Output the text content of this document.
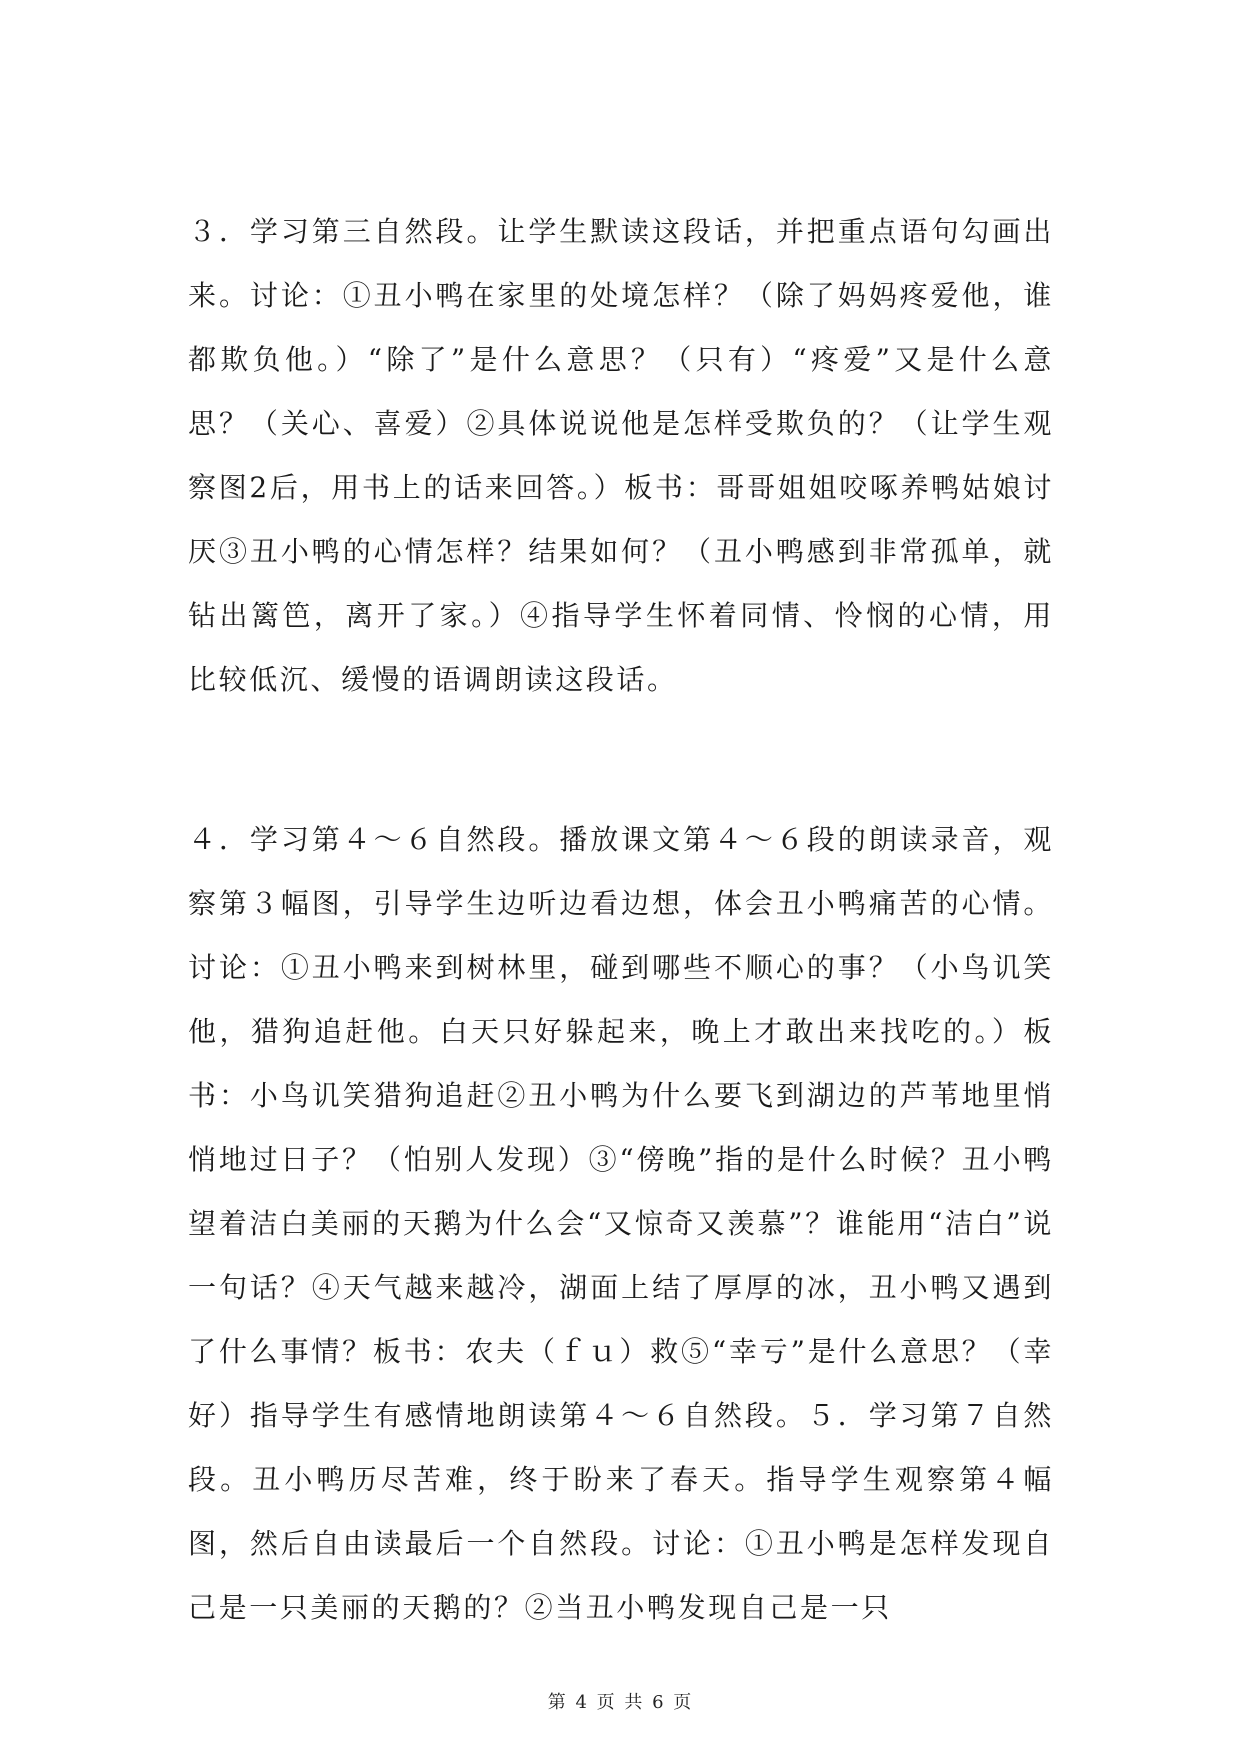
３．学习第三自然段。让学生默读这段话，并把重点语句勾画出来。讨论：①丑小鸭在家里的处境怎样？（除了妈妈疼爱他，谁都欺负他。）“除了”是什么意思？（只有）“疼爱”又是什么意思？（关心、喜爱）②具体说说他是怎样受欺负的？（让学生观察图2后，用书上的话来回答。）板书：哥哥姐姐咬啄养鸭姑娘讨厌③丑小鸭的心情怎样？结果如何？（丑小鸭感到非常孤单，就钻出篱笆，离开了家。）④指导学生怀着同情、怜悯的心情，用比较低沉、缓慢的语调朗读这段话。

４．学习第４～６自然段。播放课文第４～６段的朗读录音，观察第３幅图，引导学生边听边看边想，体会丑小鸭痛苦的心情。讨论：①丑小鸭来到树林里，碰到哪些不顺心的事？（小鸟讥笑他，猎狗追赶他。白天只好躲起来，晚上才敢出来找吃的。）板书：小鸟讥笑猎狗追赶②丑小鸭为什么要飞到湖边的芦苇地里悄悄地过日子？（怕别人发现）③“傍晚”指的是什么时候？丑小鸭望着洁白美丽的天鹅为什么会“又惊奇又羡慕”？谁能用“洁白”说一句话？④天气越来越冷，湖面上结了厚厚的冰，丑小鸭又遇到了什么事情？板书：农夫（ｆｕ）救⑤“幸亏”是什么意思？（幸好）指导学生有感情地朗读第４～６自然段。５．学习第７自然段。丑小鸭历尽苦难，终于盼来了春天。指导学生观察第４幅图，然后自由读最后一个自然段。讨论：①丑小鸭是怎样发现自己是一只美丽的天鹅的？②当丑小鸭发现自己是一只

第 4 页 共 6 页
